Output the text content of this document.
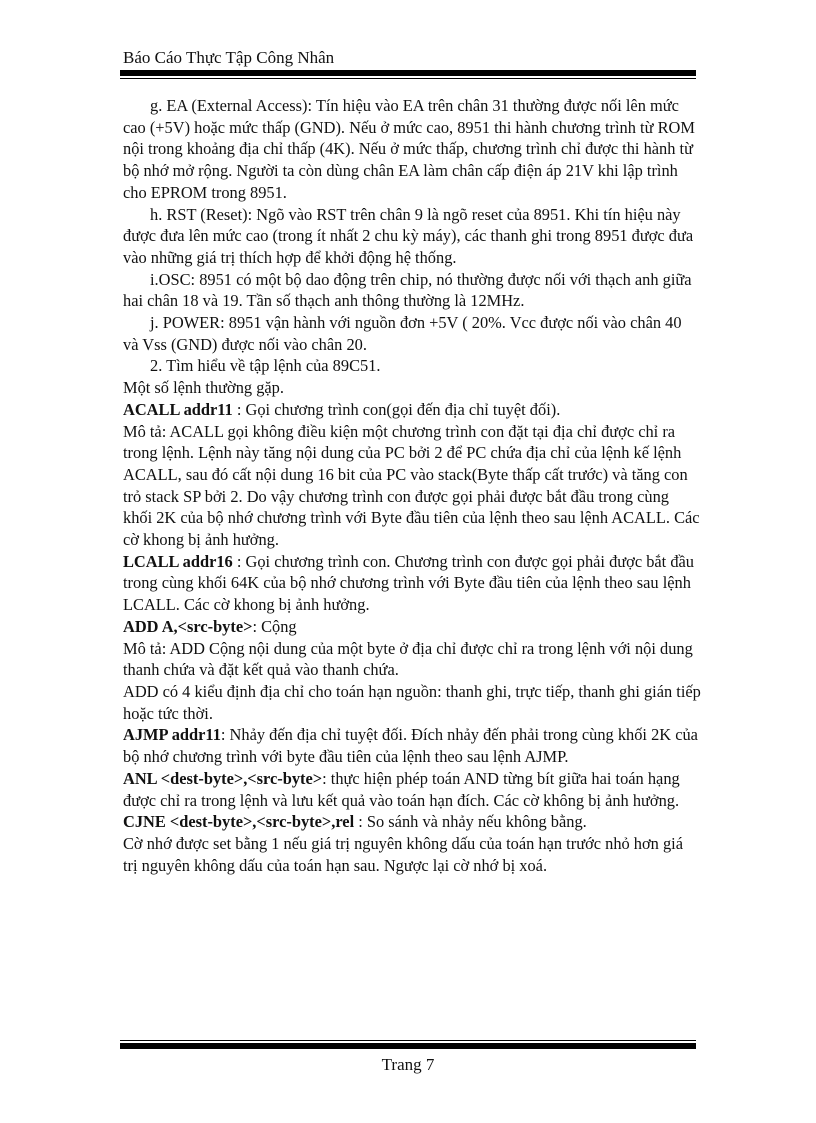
Báo Cáo Thực Tập Công Nhân

g. EA (External Access): Tín hiệu vào EA trên chân 31 thường được nối lên mức cao (+5V) hoặc mức thấp (GND). Nếu ở mức cao, 8951 thi hành chương trình từ ROM nội trong khoảng địa chỉ thấp (4K). Nếu ở mức thấp, chương trình chỉ được thi hành từ bộ nhớ mở rộng. Người ta còn dùng chân EA làm chân cấp điện áp 21V khi lập trình cho EPROM trong 8951.

h. RST (Reset): Ngõ vào RST trên chân 9 là ngõ reset của 8951. Khi tín hiệu này được đưa lên mức cao (trong ít nhất 2 chu kỳ máy), các thanh ghi trong 8951 được đưa vào những giá trị thích hợp để khởi động hệ thống.

i.OSC: 8951 có một bộ dao động trên chip, nó thường được nối với thạch anh giữa hai chân 18 và 19. Tần số thạch anh thông thường là 12MHz.

j. POWER: 8951 vận hành với nguồn đơn +5V ( 20%. Vcc được nối vào chân 40 và Vss (GND) được nối vào chân 20.

2. Tìm hiểu về tập lệnh của 89C51.

Một số lệnh thường gặp.

ACALL addr11 : Gọi chương trình con(gọi đến địa chỉ tuyệt đối).

Mô tả: ACALL gọi không điều kiện một chương trình con đặt tại địa chỉ được chỉ ra trong lệnh. Lệnh này tăng nội dung của PC bởi 2 để PC chứa địa chỉ của lệnh kế lệnh ACALL, sau đó cất nội dung 16 bit của PC vào stack(Byte thấp cất trước) và tăng con trỏ stack SP bởi 2. Do vậy chương trình con được gọi phải được bắt đầu trong cùng khối 2K của bộ nhớ chương trình với Byte đầu tiên của lệnh theo sau lệnh ACALL. Các cờ khong bị ảnh hưởng.

LCALL addr16 : Gọi chương trình con. Chương trình con được gọi phải được bắt đầu trong cùng khối 64K của bộ nhớ chương trình với Byte đầu tiên của lệnh theo sau lệnh LCALL. Các cờ khong bị ảnh hưởng.

ADD A,<src-byte>: Cộng

Mô tả: ADD Cộng nội dung của một byte ở địa chỉ được chỉ ra trong lệnh với nội dung thanh chứa và đặt kết quả vào thanh chứa.

ADD có 4 kiểu định địa chỉ cho toán hạn nguồn: thanh ghi, trực tiếp, thanh ghi gián tiếp hoặc tức thời.

AJMP addr11: Nhảy đến địa chỉ tuyệt đối. Đích nhảy đến phải trong cùng khối 2K của bộ nhớ chương trình với byte đầu tiên của lệnh theo sau lệnh AJMP.

ANL <dest-byte>,<src-byte>: thực hiện phép toán AND từng bít giữa hai toán hạng được chỉ ra trong lệnh và lưu kết quả vào toán hạn đích. Các cờ không bị ảnh hưởng.

CJNE <dest-byte>,<src-byte>,rel : So sánh và nhảy nếu không bằng.

Cờ nhớ được set bằng 1 nếu giá trị nguyên không dấu của toán hạn trước nhỏ hơn giá trị nguyên không dấu của toán hạn sau. Ngược lại cờ nhớ bị xoá.

Trang 7
